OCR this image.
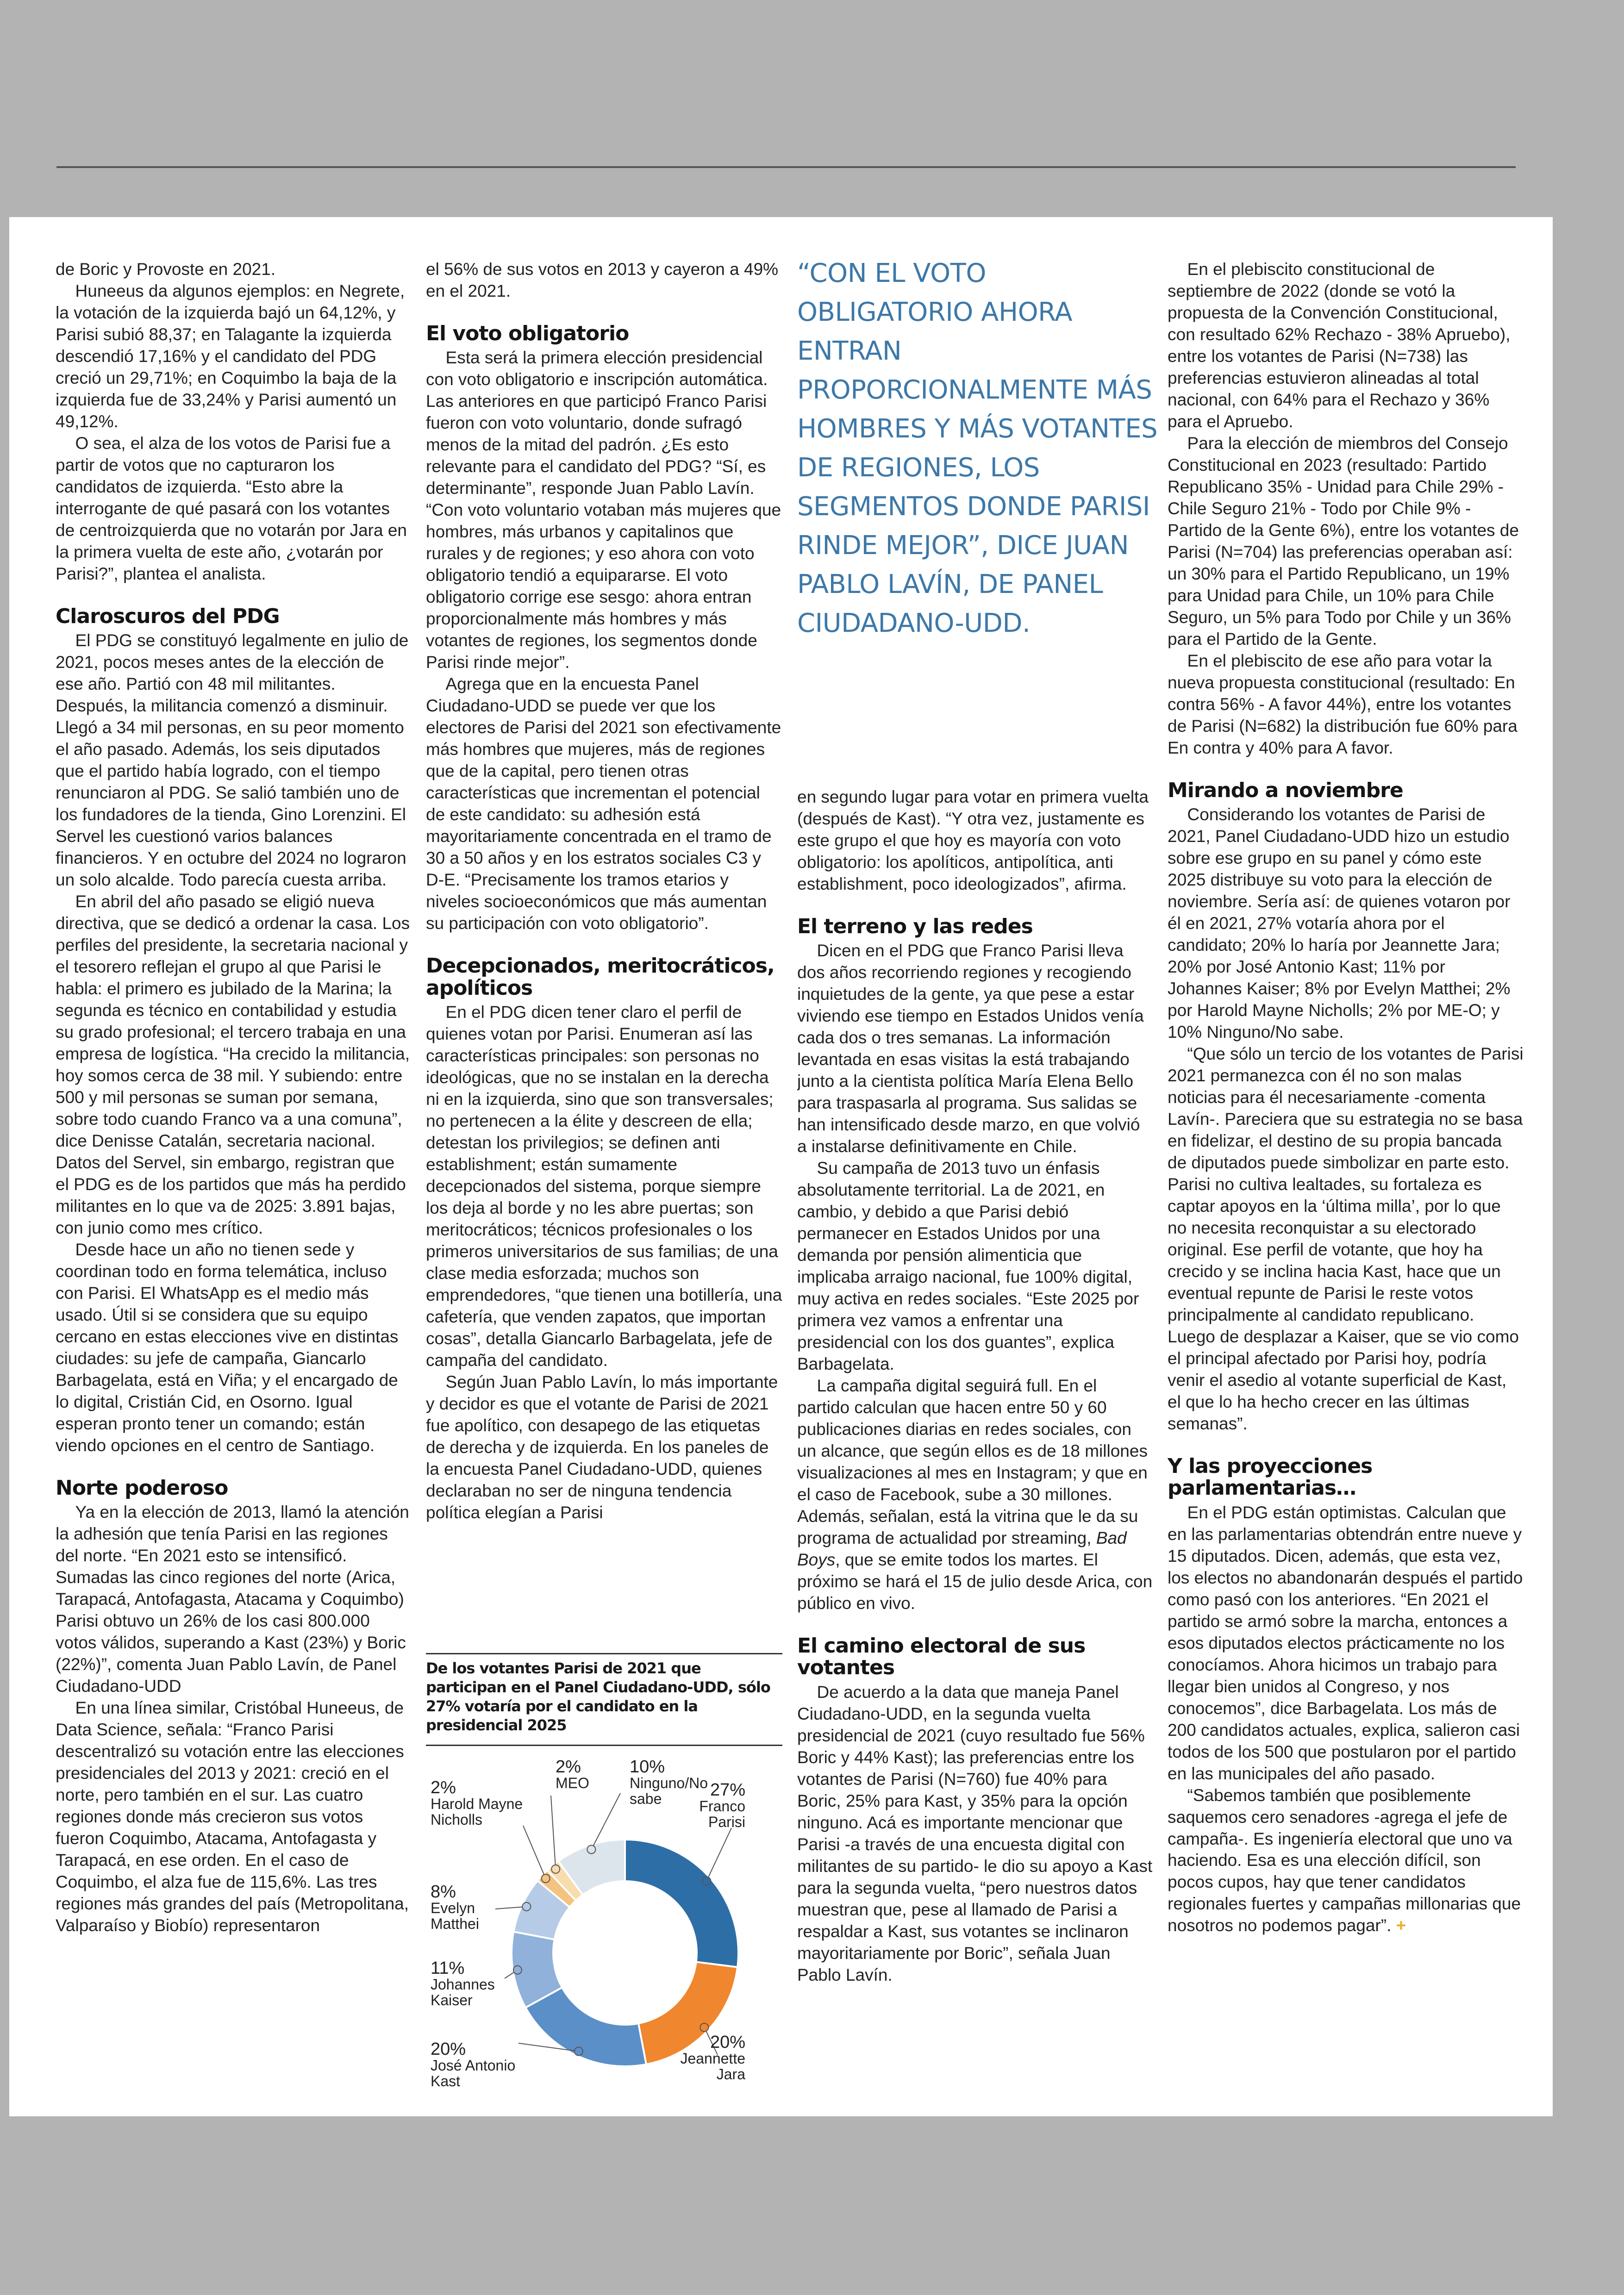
de Boric y Provoste en 2021.

Huneeus da algunos ejemplos: en Negrete, la votación de la izquierda bajó un 64,12%, y Parisi subió 88,37; en Talagante la izquierda descendió 17,16% y el candidato del PDG creció un 29,71%; en Coquimbo la baja de la izquierda fue de 33,24% y Parisi aumentó un 49,12%.

O sea, el alza de los votos de Parisi fue a partir de votos que no capturaron los candidatos de izquierda. “Esto abre la interrogante de qué pasará con los votantes de centroizquierda que no votarán por Jara en la primera vuelta de este año, ¿votarán por Parisi?”, plantea el analista.

Claroscuros del PDG

El PDG se constituyó legalmente en julio de 2021, pocos meses antes de la elección de ese año. Partió con 48 mil militantes. Después, la militancia comenzó a disminuir. Llegó a 34 mil personas, en su peor momento el año pasado. Además, los seis diputados que el partido había logrado, con el tiempo renunciaron al PDG. Se salió también uno de los fundadores de la tienda, Gino Lorenzini. El Servel les cuestionó varios balances financieros. Y en octubre del 2024 no lograron un solo alcalde. Todo parecía cuesta arriba.

En abril del año pasado se eligió nueva directiva, que se dedicó a ordenar la casa. Los perfiles del presidente, la secretaria nacional y el tesorero reflejan el grupo al que Parisi le habla: el primero es jubilado de la Marina; la segunda es técnico en contabilidad y estudia su grado profesional; el tercero trabaja en una empresa de logística. “Ha crecido la militancia, hoy somos cerca de 38 mil. Y subiendo: entre 500 y mil personas se suman por semana, sobre todo cuando Franco va a una comuna”, dice Denisse Catalán, secretaria nacional. Datos del Servel, sin embargo, registran que el PDG es de los partidos que más ha perdido militantes en lo que va de 2025: 3.891 bajas, con junio como mes crítico.

Desde hace un año no tienen sede y coordinan todo en forma telemática, incluso con Parisi. El WhatsApp es el medio más usado. Útil si se considera que su equipo cercano en estas elecciones vive en distintas ciudades: su jefe de campaña, Giancarlo Barbagelata, está en Viña; y el encargado de lo digital, Cristián Cid, en Osorno. Igual esperan pronto tener un comando; están viendo opciones en el centro de Santiago.

Norte poderoso

Ya en la elección de 2013, llamó la atención la adhesión que tenía Parisi en las regiones del norte. “En 2021 esto se intensificó. Sumadas las cinco regiones del norte (Arica, Tarapacá, Antofagasta, Atacama y Coquimbo) Parisi obtuvo un 26% de los casi 800.000 votos válidos, superando a Kast (23%) y Boric (22%)”, comenta Juan Pablo Lavín, de Panel Ciudadano-UDD

En una línea similar, Cristóbal Huneeus, de Data Science, señala: “Franco Parisi descentralizó su votación entre las elecciones presidenciales del 2013 y 2021: creció en el norte, pero también en el sur. Las cuatro regiones donde más crecieron sus votos fueron Coquimbo, Atacama, Antofagasta y Tarapacá, en ese orden. En el caso de Coquimbo, el alza fue de 115,6%. Las tres regiones más grandes del país (Metropolitana, Valparaíso y Biobío) representaron

el 56% de sus votos en 2013 y cayeron a 49% en el 2021.

El voto obligatorio

Esta será la primera elección presidencial con voto obligatorio e inscripción automática. Las anteriores en que participó Franco Parisi fueron con voto voluntario, donde sufragó menos de la mitad del padrón. ¿Es esto relevante para el candidato del PDG? “Sí, es determinante”, responde Juan Pablo Lavín. “Con voto voluntario votaban más mujeres que hombres, más urbanos y capitalinos que rurales y de regiones; y eso ahora con voto obligatorio tendió a equipararse. El voto obligatorio corrige ese sesgo: ahora entran proporcionalmente más hombres y más votantes de regiones, los segmentos donde Parisi rinde mejor”.

Agrega que en la encuesta Panel Ciudadano-UDD se puede ver que los electores de Parisi del 2021 son efectivamente más hombres que mujeres, más de regiones que de la capital, pero tienen otras características que incrementan el potencial de este candidato: su adhesión está mayoritariamente concentrada en el tramo de 30 a 50 años y en los estratos sociales C3 y D-E. “Precisamente los tramos etarios y niveles socioeconómicos que más aumentan su participación con voto obligatorio”.

Decepcionados, meritocráticos, apolíticos

En el PDG dicen tener claro el perfil de quienes votan por Parisi. Enumeran así las características principales: son personas no ideológicas, que no se instalan en la derecha ni en la izquierda, sino que son transversales; no pertenecen a la élite y descreen de ella; detestan los privilegios; se definen anti establishment; están sumamente decepcionados del sistema, porque siempre los deja al borde y no les abre puertas; son meritocráticos; técnicos profesionales o los primeros universitarios de sus familias; de una clase media esforzada; muchos son emprendedores, “que tienen una botillería, una cafetería, que venden zapatos, que importan cosas”, detalla Giancarlo Barbagelata, jefe de campaña del candidato.

Según Juan Pablo Lavín, lo más importante y decidor es que el votante de Parisi de 2021 fue apolítico, con desapego de las etiquetas de derecha y de izquierda. En los paneles de la encuesta Panel Ciudadano-UDD, quienes declaraban no ser de ninguna tendencia política elegían a Parisi

“CON EL VOTO OBLIGATORIO AHORA ENTRAN PROPORCIONALMENTE MÁS HOMBRES Y MÁS VOTANTES DE REGIONES, LOS SEGMENTOS DONDE PARISI RINDE MEJOR”, DICE JUAN PABLO LAVÍN, DE PANEL CIUDADANO-UDD.

en segundo lugar para votar en primera vuelta (después de Kast). “Y otra vez, justamente es este grupo el que hoy es mayoría con voto obligatorio: los apolíticos, antipolítica, anti establishment, poco ideologizados”, afirma.

El terreno y las redes

Dicen en el PDG que Franco Parisi lleva dos años recorriendo regiones y recogiendo inquietudes de la gente, ya que pese a estar viviendo ese tiempo en Estados Unidos venía cada dos o tres semanas. La información levantada en esas visitas la está trabajando junto a la cientista política María Elena Bello para traspasarla al programa. Sus salidas se han intensificado desde marzo, en que volvió a instalarse definitivamente en Chile.

Su campaña de 2013 tuvo un énfasis absolutamente territorial. La de 2021, en cambio, y debido a que Parisi debió permanecer en Estados Unidos por una demanda por pensión alimenticia que implicaba arraigo nacional, fue 100% digital, muy activa en redes sociales. “Este 2025 por primera vez vamos a enfrentar una presidencial con los dos guantes”, explica Barbagelata.

La campaña digital seguirá full. En el partido calculan que hacen entre 50 y 60 publicaciones diarias en redes sociales, con un alcance, que según ellos es de 18 millones visualizaciones al mes en Instagram; y que en el caso de Facebook, sube a 30 millones. Además, señalan, está la vitrina que le da su programa de actualidad por streaming, Bad Boys, que se emite todos los martes. El próximo se hará el 15 de julio desde Arica, con público en vivo.

El camino electoral de sus votantes

De acuerdo a la data que maneja Panel Ciudadano-UDD, en la segunda vuelta presidencial de 2021 (cuyo resultado fue 56% Boric y 44% Kast); las preferencias entre los votantes de Parisi (N=760) fue 40% para Boric, 25% para Kast, y 35% para la opción ninguno. Acá es importante mencionar que Parisi -a través de una encuesta digital con militantes de su partido- le dio su apoyo a Kast para la segunda vuelta, “pero nuestros datos muestran que, pese al llamado de Parisi a respaldar a Kast, sus votantes se inclinaron mayoritariamente por Boric”, señala Juan Pablo Lavín.

En el plebiscito constitucional de septiembre de 2022 (donde se votó la propuesta de la Convención Constitucional, con resultado 62% Rechazo - 38% Apruebo), entre los votantes de Parisi (N=738) las preferencias estuvieron alineadas al total nacional, con 64% para el Rechazo y 36% para el Apruebo.

Para la elección de miembros del Consejo Constitucional en 2023 (resultado: Partido Republicano 35% - Unidad para Chile 29% - Chile Seguro 21% - Todo por Chile 9% - Partido de la Gente 6%), entre los votantes de Parisi (N=704) las preferencias operaban así: un 30% para el Partido Republicano, un 19% para Unidad para Chile, un 10% para Chile Seguro, un 5% para Todo por Chile y un 36% para el Partido de la Gente.

En el plebiscito de ese año para votar la nueva propuesta constitucional (resultado: En contra 56% - A favor 44%), entre los votantes de Parisi (N=682) la distribución fue 60% para En contra y 40% para A favor.

Mirando a noviembre

Considerando los votantes de Parisi de 2021, Panel Ciudadano-UDD hizo un estudio sobre ese grupo en su panel y cómo este 2025 distribuye su voto para la elección de noviembre. Sería así: de quienes votaron por él en 2021, 27% votaría ahora por el candidato; 20% lo haría por Jeannette Jara; 20% por José Antonio Kast; 11% por Johannes Kaiser; 8% por Evelyn Matthei; 2% por Harold Mayne Nicholls; 2% por ME-O; y 10% Ninguno/No sabe.

“Que sólo un tercio de los votantes de Parisi 2021 permanezca con él no son malas noticias para él necesariamente -comenta Lavín-. Pareciera que su estrategia no se basa en fidelizar, el destino de su propia bancada de diputados puede simbolizar en parte esto. Parisi no cultiva lealtades, su fortaleza es captar apoyos en la ‘última milla’, por lo que no necesita reconquistar a su electorado original. Ese perfil de votante, que hoy ha crecido y se inclina hacia Kast, hace que un eventual repunte de Parisi le reste votos principalmente al candidato republicano. Luego de desplazar a Kaiser, que se vio como el principal afectado por Parisi hoy, podría venir el asedio al votante superficial de Kast, el que lo ha hecho crecer en las últimas semanas”.

Y las proyecciones parlamentarias…

En el PDG están optimistas. Calculan que en las parlamentarias obtendrán entre nueve y 15 diputados. Dicen, además, que esta vez, los electos no abandonarán después el partido como pasó con los anteriores. “En 2021 el partido se armó sobre la marcha, entonces a esos diputados electos prácticamente no los conocíamos. Ahora hicimos un trabajo para llegar bien unidos al Congreso, y nos conocemos”, dice Barbagelata. Los más de 200 candidatos actuales, explica, salieron casi todos de los 500 que postularon por el partido en las municipales del año pasado.

“Sabemos también que posiblemente saquemos cero senadores -agrega el jefe de campaña-. Es ingeniería electoral que uno va haciendo. Esa es una elección difícil, son pocos cupos, hay que tener candidatos regionales fuertes y campañas millonarias que nosotros no podemos pagar”. +

De los votantes Parisi de 2021 que participan en el Panel Ciudadano-UDD, sólo 27% votaría por el candidato en la presidencial 2025
27% Franco Parisi
20% Jeannette Jara
20% José Antonio Kast
11% Johannes Kaiser
8% Evelyn Matthei
2% Harold Mayne Nicholls
2% MEO
10% Ninguno/No sabe
